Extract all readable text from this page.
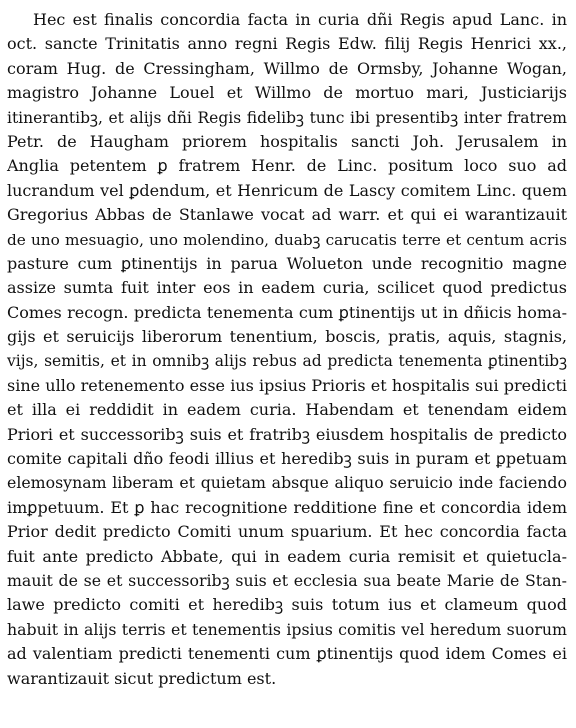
Hec est finalis concordia facta in curia dñi Regis apud Lanc. in
oct. sancte Trinitatis anno regni Regis Edw. filij Regis Henrici xx.,
coram Hug. de Cressingham, Willmo de Ormsby, Johanne Wogan,
magistro Johanne Louel et Willmo de mortuo mari, Justiciarijs
itinerantibꝫ, et alijs dñi Regis fidelibꝫ tunc ibi presentibꝫ inter fratrem
Petr. de Haugham priorem hospitalis sancti Joh. Jerusalem in
Anglia petentem ꝑ fratrem Henr. de Linc. positum loco suo ad
lucrandum vel ꝑdendum, et Henricum de Lascy comitem Linc. quem
Gregorius Abbas de Stanlawe vocat ad warr. et qui ei warantizauit
de uno mesuagio, uno molendino, duabꝫ carucatis terre et centum acris
pasture cum ꝑtinentijs in parua Wolueton unde recognitio magne
assize sumta fuit inter eos in eadem curia, scilicet quod predictus
Comes recogn. predicta tenementa cum ꝑtinentijs ut in dñicis homa-
gijs et seruicijs liberorum tenentium, boscis, pratis, aquis, stagnis,
vijs, semitis, et in omnibꝫ alijs rebus ad predicta tenementa ꝑtinentibꝫ
sine ullo retenemento esse ius ipsius Prioris et hospitalis sui predicti
et illa ei reddidit in eadem curia. Habendam et tenendam eidem
Priori et successoribꝫ suis et fratribꝫ eiusdem hospitalis de predicto
comite capitali dño feodi illius et heredibꝫ suis in puram et ꝑpetuam
elemosynam liberam et quietam absque aliquo seruicio inde faciendo
imꝑpetuum. Et ꝑ hac recognitione redditione fine et concordia idem
Prior dedit predicto Comiti unum spuarium. Et hec concordia facta
fuit ante predicto Abbate, qui in eadem curia remisit et quietucla-
mauit de se et successoribꝫ suis et ecclesia sua beate Marie de Stan-
lawe predicto comiti et heredibꝫ suis totum ius et clameum quod
habuit in alijs terris et tenementis ipsius comitis vel heredum suorum
ad valentiam predicti tenementi cum ꝑtinentijs quod idem Comes ei
warantizauit sicut predictum est.
